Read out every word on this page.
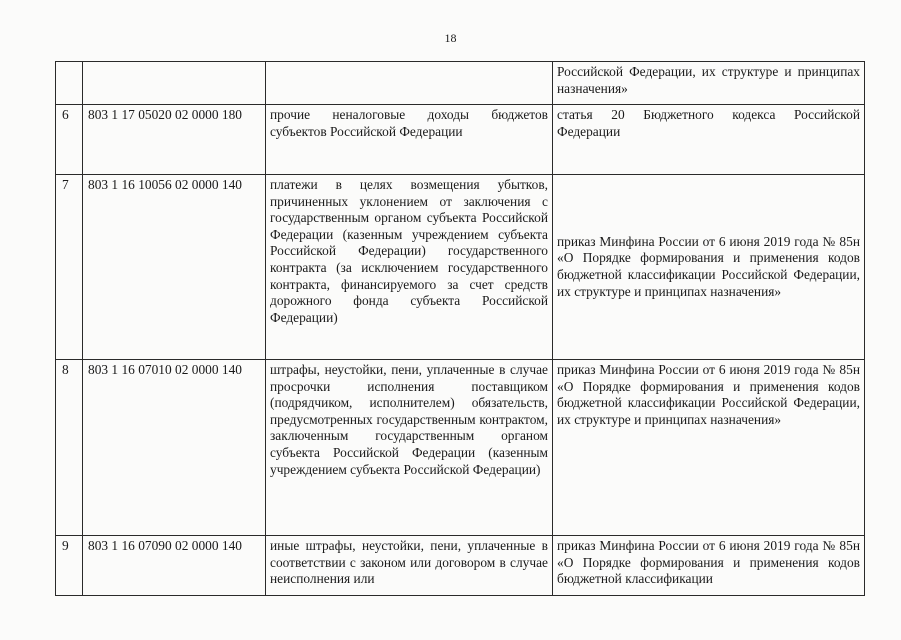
18

			Российской Федерации, их структуре и принципах назначения»

6	803 1 17 05020 02 0000 180	прочие неналоговые доходы бюджетов субъектов Российской Федерации	статья 20 Бюджетного кодекса Российской Федерации

7	803 1 16 10056 02 0000 140	платежи в целях возмещения убытков, причиненных уклонением от заключения с государственным органом субъекта Российской Федерации (казенным учреждением субъекта Российской Федерации) государственного контракта (за исключением государственного контракта, финансируемого за счет средств дорожного фонда субъекта Российской Федерации)	приказ Минфина России от 6 июня 2019 года № 85н «О Порядке формирования и применения кодов бюджетной классификации Российской Федерации, их структуре и принципах назначения»

8	803 1 16 07010 02 0000 140	штрафы, неустойки, пени, уплаченные в случае просрочки исполнения поставщиком (подрядчиком, исполнителем) обязательств, предусмотренных государственным контрактом, заключенным государственным органом субъекта Российской Федерации (казенным учреждением субъекта Российской Федерации)	приказ Минфина России от 6 июня 2019 года № 85н «О Порядке формирования и применения кодов бюджетной классификации Российской Федерации, их структуре и принципах назначения»

9	803 1 16 07090 02 0000 140	иные штрафы, неустойки, пени, уплаченные в соответствии с законом или договором в случае неисполнения или	приказ Минфина России от 6 июня 2019 года № 85н «О Порядке формирования и применения кодов бюджетной классификации
